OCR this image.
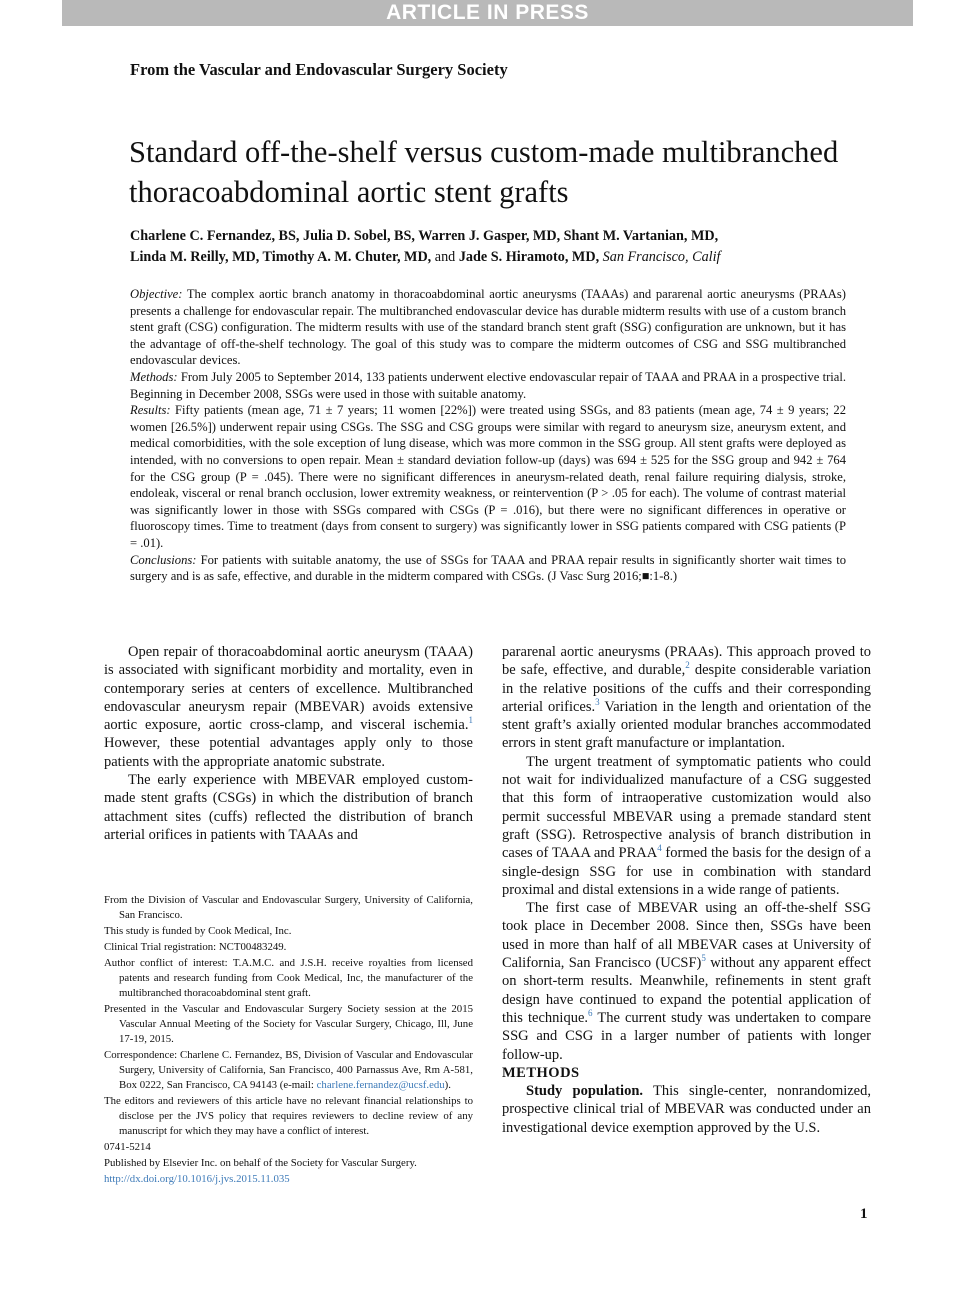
ARTICLE IN PRESS
From the Vascular and Endovascular Surgery Society
Standard off-the-shelf versus custom-made multibranched thoracoabdominal aortic stent grafts
Charlene C. Fernandez, BS, Julia D. Sobel, BS, Warren J. Gasper, MD, Shant M. Vartanian, MD,
Linda M. Reilly, MD, Timothy A. M. Chuter, MD, and Jade S. Hiramoto, MD, San Francisco, Calif

Objective: The complex aortic branch anatomy in thoracoabdominal aortic aneurysms (TAAAs) and pararenal aortic aneurysms (PRAAs) presents a challenge for endovascular repair. The multibranched endovascular device has durable midterm results with use of a custom branch stent graft (CSG) configuration. The midterm results with use of the standard branch stent graft (SSG) configuration are unknown, but it has the advantage of off-the-shelf technology. The goal of this study was to compare the midterm outcomes of CSG and SSG multibranched endovascular devices.

Methods: From July 2005 to September 2014, 133 patients underwent elective endovascular repair of TAAA and PRAA in a prospective trial. Beginning in December 2008, SSGs were used in those with suitable anatomy.

Results: Fifty patients (mean age, 71 ± 7 years; 11 women [22%]) were treated using SSGs, and 83 patients (mean age, 74 ± 9 years; 22 women [26.5%]) underwent repair using CSGs. The SSG and CSG groups were similar with regard to aneurysm size, aneurysm extent, and medical comorbidities, with the sole exception of lung disease, which was more common in the SSG group. All stent grafts were deployed as intended, with no conversions to open repair. Mean ± standard deviation follow-up (days) was 694 ± 525 for the SSG group and 942 ± 764 for the CSG group (P = .045). There were no significant differences in aneurysm-related death, renal failure requiring dialysis, stroke, endoleak, visceral or renal branch occlusion, lower extremity weakness, or reintervention (P > .05 for each). The volume of contrast material was significantly lower in those with SSGs compared with CSGs (P = .016), but there were no significant differences in operative or fluoroscopy times. Time to treatment (days from consent to surgery) was significantly lower in SSG patients compared with CSG patients (P = .01).

Conclusions: For patients with suitable anatomy, the use of SSGs for TAAA and PRAA repair results in significantly shorter wait times to surgery and is as safe, effective, and durable in the midterm compared with CSGs. (J Vasc Surg 2016;■:1-8.)

Open repair of thoracoabdominal aortic aneurysm (TAAA) is associated with significant morbidity and mortality, even in contemporary series at centers of excellence. Multibranched endovascular aneurysm repair (MBEVAR) avoids extensive aortic exposure, aortic cross-clamp, and visceral ischemia.$^1$ However, these potential advantages apply only to those patients with the appropriate anatomic substrate.

The early experience with MBEVAR employed custom-made stent grafts (CSGs) in which the distribution of branch attachment sites (cuffs) reflected the distribution of branch arterial orifices in patients with TAAAs and

From the Division of Vascular and Endovascular Surgery, University of California, San Francisco.

This study is funded by Cook Medical, Inc.

Clinical Trial registration: NCT00483249.

Author conflict of interest: T.A.M.C. and J.S.H. receive royalties from licensed patents and research funding from Cook Medical, Inc, the manufacturer of the multibranched thoracoabdominal stent graft.

Presented in the Vascular and Endovascular Surgery Society session at the 2015 Vascular Annual Meeting of the Society for Vascular Surgery, Chicago, Ill, June 17-19, 2015.

Correspondence: Charlene C. Fernandez, BS, Division of Vascular and Endovascular Surgery, University of California, San Francisco, 400 Parnassus Ave, Rm A-581, Box 0222, San Francisco, CA 94143 (e-mail: charlene.fernandez@ucsf.edu).

The editors and reviewers of this article have no relevant financial relationships to disclose per the JVS policy that requires reviewers to decline review of any manuscript for which they may have a conflict of interest.

0741-5214

Published by Elsevier Inc. on behalf of the Society for Vascular Surgery.

http://dx.doi.org/10.1016/j.jvs.2015.11.035

pararenal aortic aneurysms (PRAAs). This approach proved to be safe, effective, and durable,$^2$ despite considerable variation in the relative positions of the cuffs and their corresponding arterial orifices.$^3$ Variation in the length and orientation of the stent graft’s axially oriented modular branches accommodated errors in stent graft manufacture or implantation.

The urgent treatment of symptomatic patients who could not wait for individualized manufacture of a CSG suggested that this form of intraoperative customization would also permit successful MBEVAR using a premade standard stent graft (SSG). Retrospective analysis of branch distribution in cases of TAAA and PRAA$^4$ formed the basis for the design of a single-design SSG for use in combination with standard proximal and distal extensions in a wide range of patients.

The first case of MBEVAR using an off-the-shelf SSG took place in December 2008. Since then, SSGs have been used in more than half of all MBEVAR cases at University of California, San Francisco (UCSF)$^5$ without any apparent effect on short-term results. Meanwhile, refinements in stent graft design have continued to expand the potential application of this technique.$^6$ The current study was undertaken to compare SSG and CSG in a larger number of patients with longer follow-up.

METHODS

Study population. This single-center, nonrandomized, prospective clinical trial of MBEVAR was conducted under an investigational device exemption approved by the U.S.

1
